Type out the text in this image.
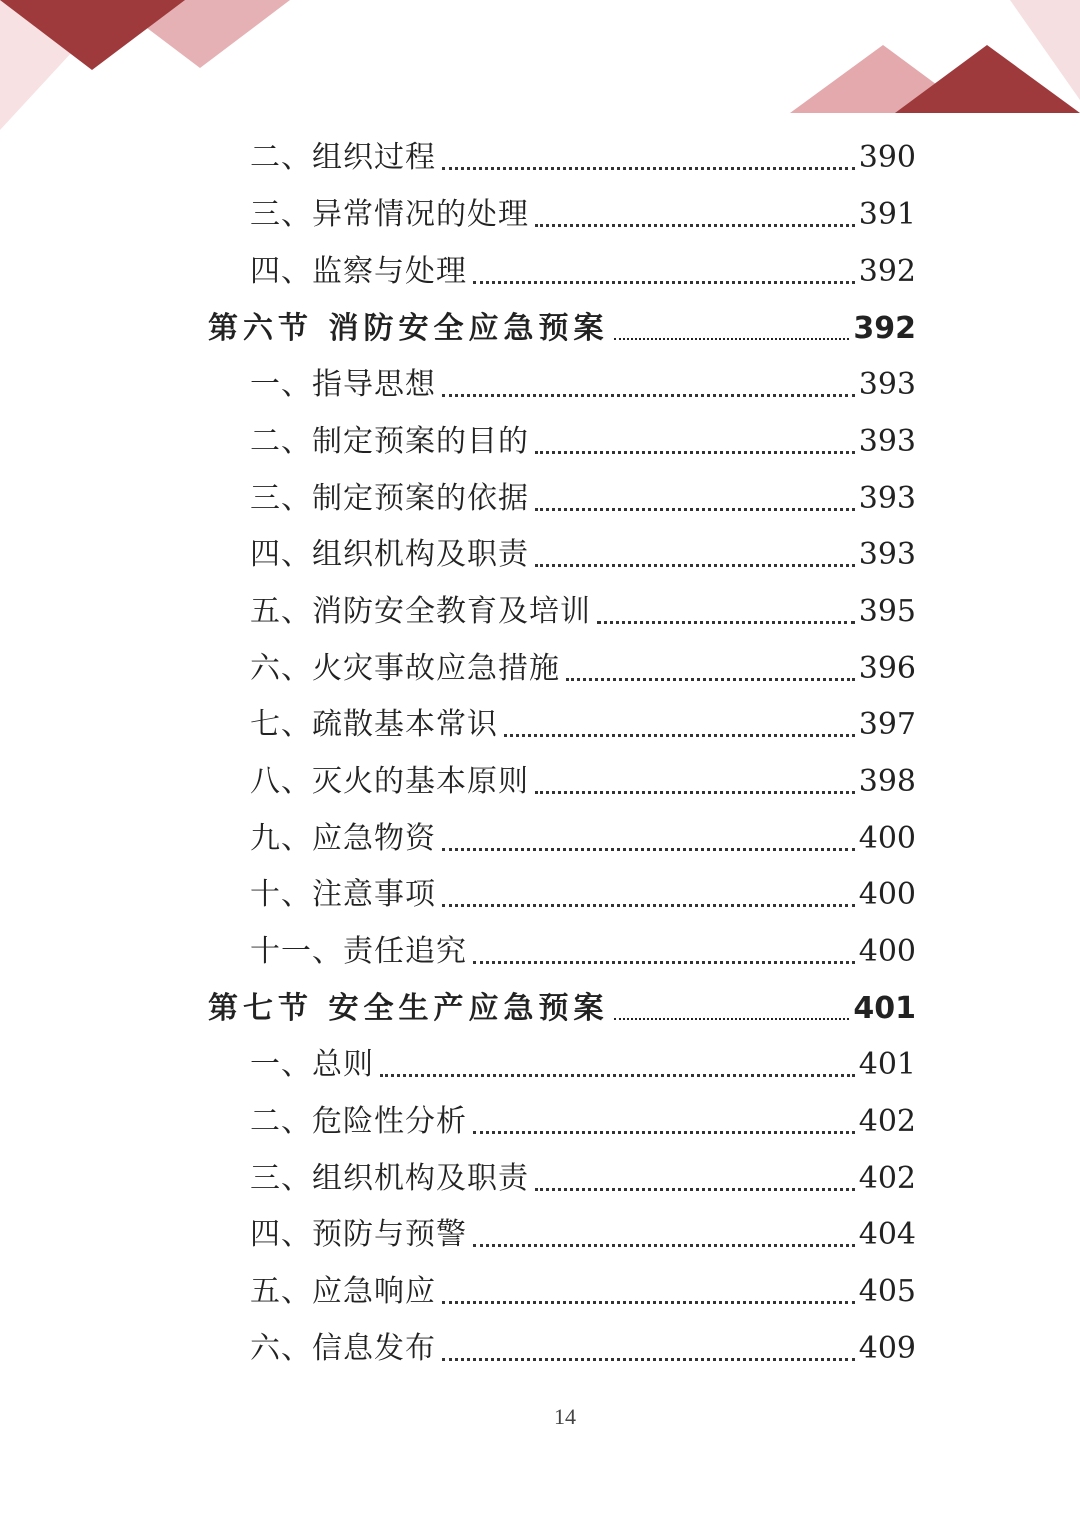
二、组织过程	390
三、异常情况的处理	391
四、监察与处理	392
第六节 消防安全应急预案	392
一、指导思想	393
二、制定预案的目的	393
三、制定预案的依据	393
四、组织机构及职责	393
五、消防安全教育及培训	395
六、火灾事故应急措施	396
七、疏散基本常识	397
八、灭火的基本原则	398
九、应急物资	400
十、注意事项	400
十一、责任追究	400
第七节 安全生产应急预案	401
一、总则	401
二、危险性分析	402
三、组织机构及职责	402
四、预防与预警	404
五、应急响应	405
六、信息发布	409
14
